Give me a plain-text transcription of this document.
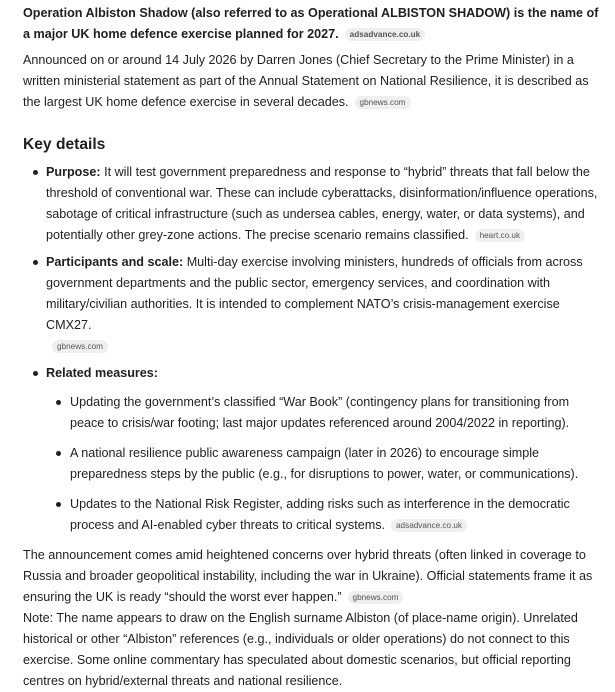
Operation Albiston Shadow (also referred to as Operational ALBISTON SHADOW) is the name of a major UK home defence exercise planned for 2027. adsadvance.co.uk

Announced on or around 14 July 2026 by Darren Jones (Chief Secretary to the Prime Minister) in a written ministerial statement as part of the Annual Statement on National Resilience, it is described as the largest UK home defence exercise in several decades. gbnews.com

Key details
Purpose: It will test government preparedness and response to “hybrid” threats that fall below the threshold of conventional war. These can include cyberattacks, disinformation/influence operations, sabotage of critical infrastructure (such as undersea cables, energy, water, or data systems), and potentially other grey-zone actions. The precise scenario remains classified. heart.co.uk
Participants and scale: Multi-day exercise involving ministers, hundreds of officials from across government departments and the public sector, emergency services, and coordination with military/civilian authorities. It is intended to complement NATO’s crisis-management exercise CMX27.
gbnews.com
Related measures:
Updating the government’s classified “War Book” (contingency plans for transitioning from peace to crisis/war footing; last major updates referenced around 2004/2022 in reporting).
A national resilience public awareness campaign (later in 2026) to encourage simple preparedness steps by the public (e.g., for disruptions to power, water, or communications).
Updates to the National Risk Register, adding risks such as interference in the democratic process and AI-enabled cyber threats to critical systems. adsadvance.co.uk

The announcement comes amid heightened concerns over hybrid threats (often linked in coverage to Russia and broader geopolitical instability, including the war in Ukraine). Official statements frame it as ensuring the UK is ready “should the worst ever happen.” gbnews.com

Note: The name appears to draw on the English surname Albiston (of place-name origin). Unrelated historical or other “Albiston” references (e.g., individuals or older operations) do not connect to this exercise. Some online commentary has speculated about domestic scenarios, but official reporting centres on hybrid/external threats and national resilience.
